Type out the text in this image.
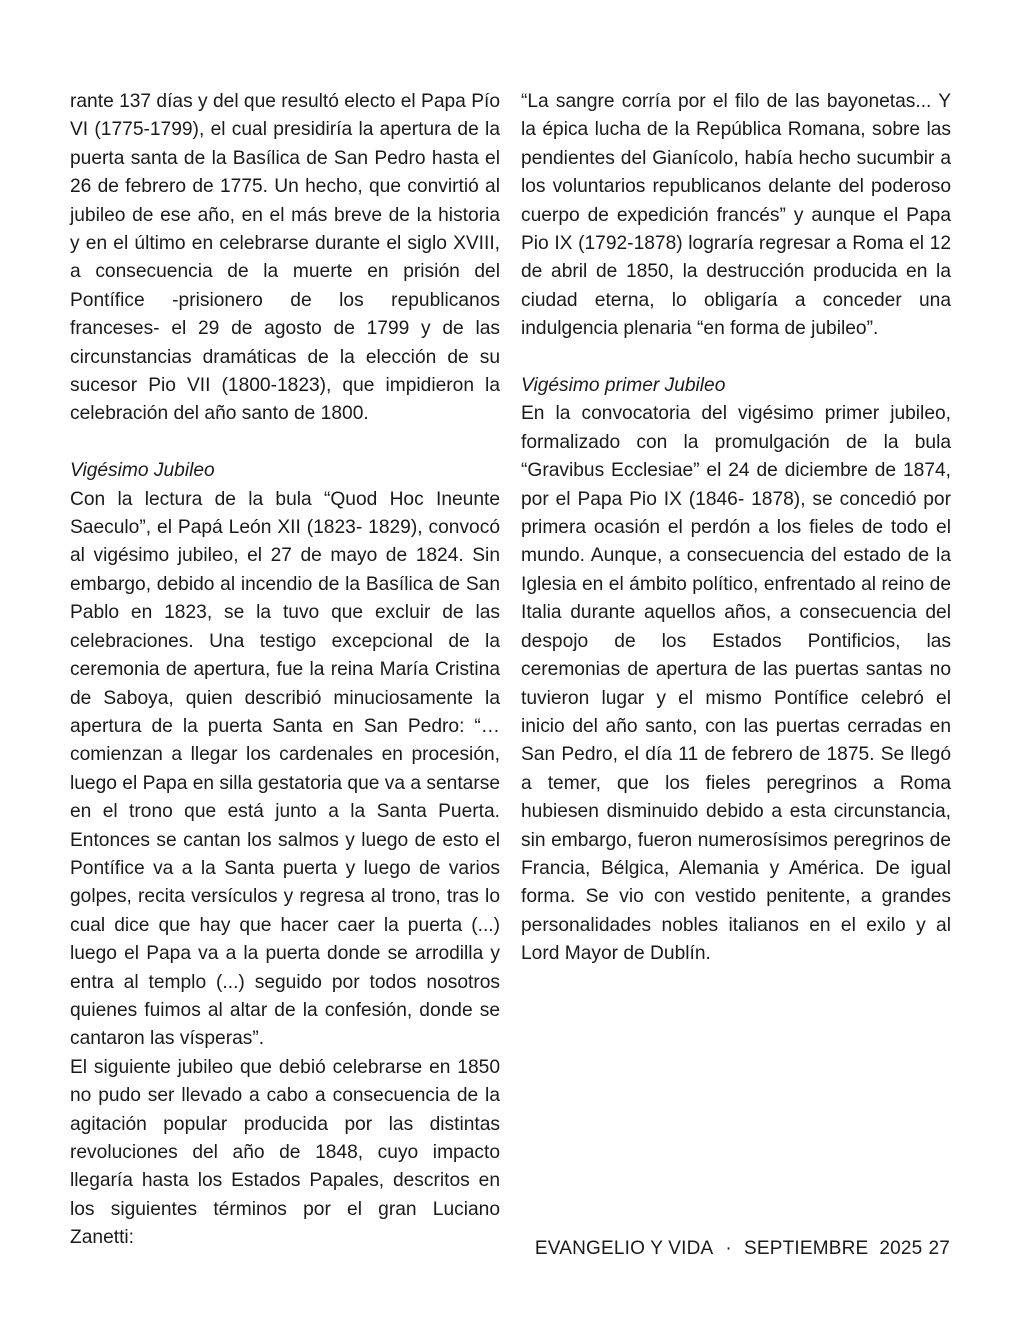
rante 137 días y del que resultó electo el Papa Pío VI (1775-1799), el cual presidiría la apertura de la puerta santa de la Basílica de San Pedro hasta el 26 de febrero de 1775. Un hecho, que convirtió al jubileo de ese año, en el más breve de la historia y en el último en celebrarse durante el siglo XVIII, a consecuencia de la muerte en prisión del Pontífice -prisionero de los republicanos franceses- el 29 de agosto de 1799 y de las circunstancias dramáticas de la elección de su sucesor Pio VII (1800-1823), que impidieron la celebración del año santo de 1800.

Vigésimo Jubileo

Con la lectura de la bula “Quod Hoc Ineunte Saeculo”, el Papá León XII (1823- 1829), convocó al vigésimo jubileo, el 27 de mayo de 1824. Sin embargo, debido al incendio de la Basílica de San Pablo en 1823, se la tuvo que excluir de las celebraciones. Una testigo excepcional de la ceremonia de apertura, fue la reina María Cristina de Saboya, quien describió minuciosamente la apertura de la puerta Santa en San Pedro: “… comienzan a llegar los cardenales en procesión, luego el Papa en silla gestatoria que va a sentarse en el trono que está junto a la Santa Puerta. Entonces se cantan los salmos y luego de esto el Pontífice va a la Santa puerta y luego de varios golpes, recita versículos y regresa al trono, tras lo cual dice que hay que hacer caer la puerta (...) luego el Papa va a la puerta donde se arrodilla y entra al templo (...) seguido por todos nosotros quienes fuimos al altar de la confesión, donde se cantaron las vísperas”.

El siguiente jubileo que debió celebrarse en 1850 no pudo ser llevado a cabo a consecuencia de la agitación popular producida por las distintas revoluciones del año de 1848, cuyo impacto llegaría hasta los Estados Papales, descritos en los siguientes términos por el gran Luciano Zanetti:

“La sangre corría por el filo de las bayonetas... Y la épica lucha de la República Romana, sobre las pendientes del Gianícolo, había hecho sucumbir a los voluntarios republicanos delante del poderoso cuerpo de expedición francés” y aunque el Papa Pio IX (1792-1878) lograría regresar a Roma el 12 de abril de 1850, la destrucción producida en la ciudad eterna, lo obligaría a conceder una indulgencia plenaria “en forma de jubileo”.

Vigésimo primer Jubileo

En la convocatoria del vigésimo primer jubileo, formalizado con la promulgación de la bula “Gravibus Ecclesiae” el 24 de diciembre de 1874, por el Papa Pio IX (1846- 1878), se concedió por primera ocasión el perdón a los fieles de todo el mundo. Aunque, a consecuencia del estado de la Iglesia en el ámbito político, enfrentado al reino de Italia durante aquellos años, a consecuencia del despojo de los Estados Pontificios, las ceremonias de apertura de las puertas santas no tuvieron lugar y el mismo Pontífice celebró el inicio del año santo, con las puertas cerradas en San Pedro, el día 11 de febrero de 1875. Se llegó a temer, que los fieles peregrinos a Roma hubiesen disminuido debido a esta circunstancia, sin embargo, fueron numerosísimos peregrinos de Francia, Bélgica, Alemania y América. De igual forma. Se vio con vestido penitente, a grandes personalidades nobles italianos en el exilo y al Lord Mayor de Dublín.

EVANGELIO Y VIDA · SEPTIEMBRE  2025 27
